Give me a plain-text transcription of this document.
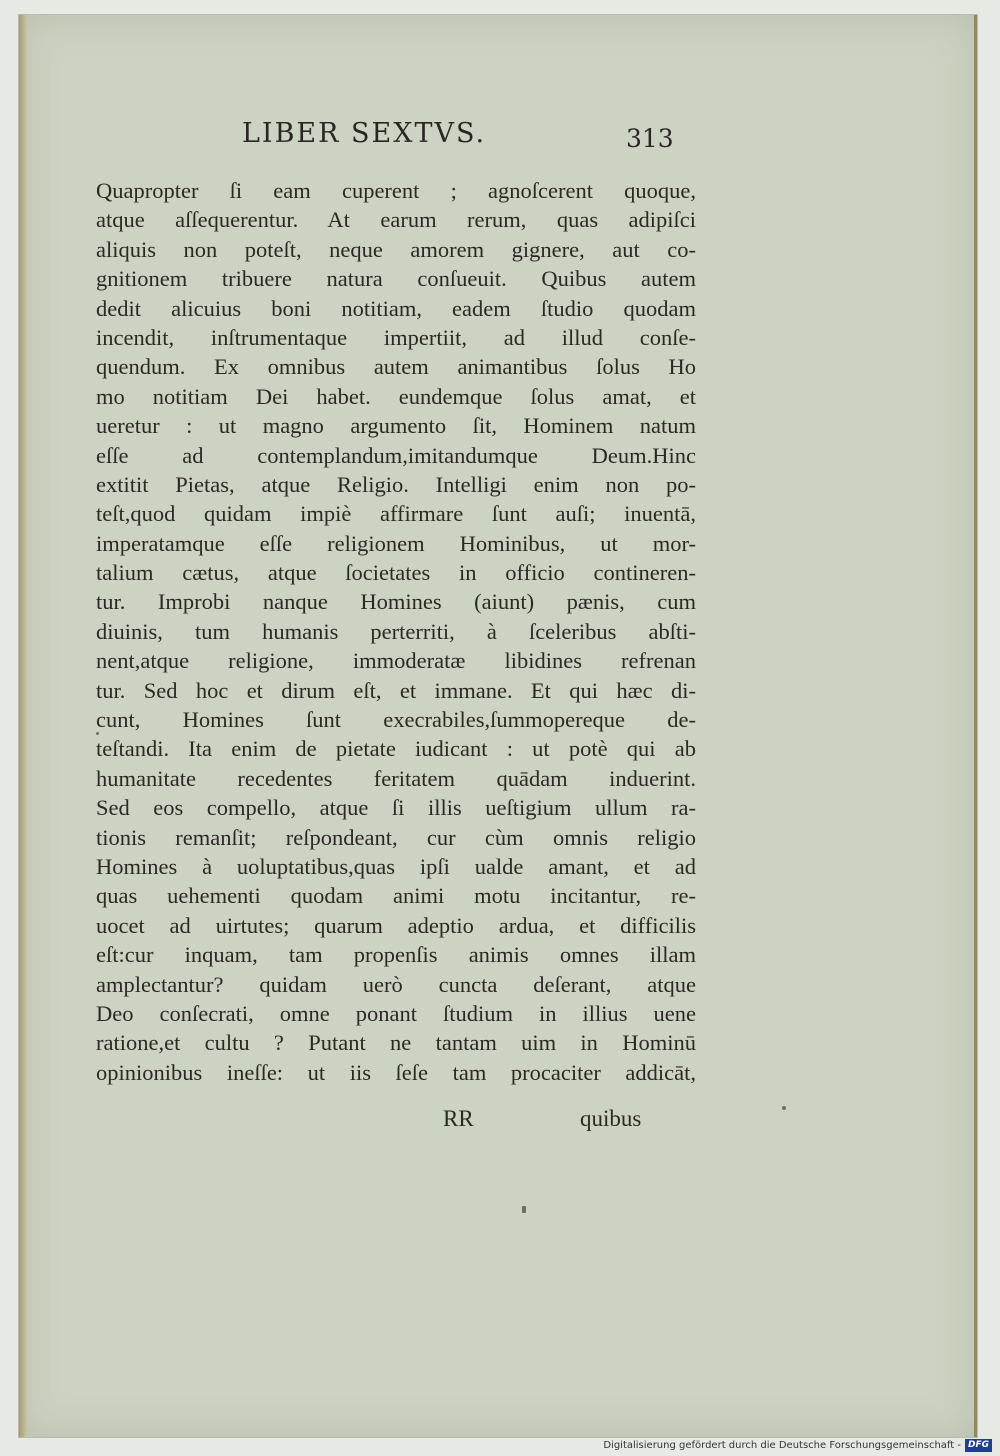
LIBER SEXTVS.	313
Quapropter ſi eam cuperent ; agnoſcerent quoque,
atque aſſequerentur. At earum rerum, quas adipiſci
aliquis non poteſt, neque amorem gignere, aut co-
gnitionem tribuere natura conſueuit. Quibus autem
dedit alicuius boni notitiam, eadem ſtudio quodam
incendit, inſtrumentaque impertiit, ad illud conſe-
quendum. Ex omnibus autem animantibus ſolus Ho
mo notitiam Dei habet. eundemque ſolus amat, et
ueretur : ut magno argumento ſit, Hominem natum
eſſe ad contemplandum,imitandumque Deum.Hinc
extitit Pietas, atque Religio. Intelligi enim non po-
teſt,quod quidam impiè affirmare ſunt auſi; inuentā,
imperatamque eſſe religionem Hominibus, ut mor-
talium cætus, atque ſocietates in officio contineren-
tur. Improbi nanque Homines (aiunt) pænis, cum
diuinis, tum humanis perterriti, à ſceleribus abſti-
nent,atque religione, immoderatæ libidines refrenan
tur. Sed hoc et dirum eſt, et immane. Et qui hæc di-
cunt, Homines ſunt execrabiles,ſummopereque de-
teſtandi. Ita enim de pietate iudicant : ut potè qui ab
humanitate recedentes feritatem quādam induerint.
Sed eos compello, atque ſi illis ueſtigium ullum ra-
tionis remanſit; reſpondeant, cur cùm omnis religio
Homines à uoluptatibus,quas ipſi ualde amant, et ad
quas uehementi quodam animi motu incitantur, re-
uocet ad uirtutes; quarum adeptio ardua, et difficilis
eſt:cur inquam, tam propenſis animis omnes illam
amplectantur? quidam uerò cuncta deſerant, atque
Deo conſecrati, omne ponant ſtudium in illius uene
ratione,et cultu ? Putant ne tantam uim in Hominū
opinionibus ineſſe: ut iis ſeſe tam procaciter addicāt,
RR	quibus
Digitalisierung gefördert durch die Deutsche Forschungsgemeinschaft - DFG
